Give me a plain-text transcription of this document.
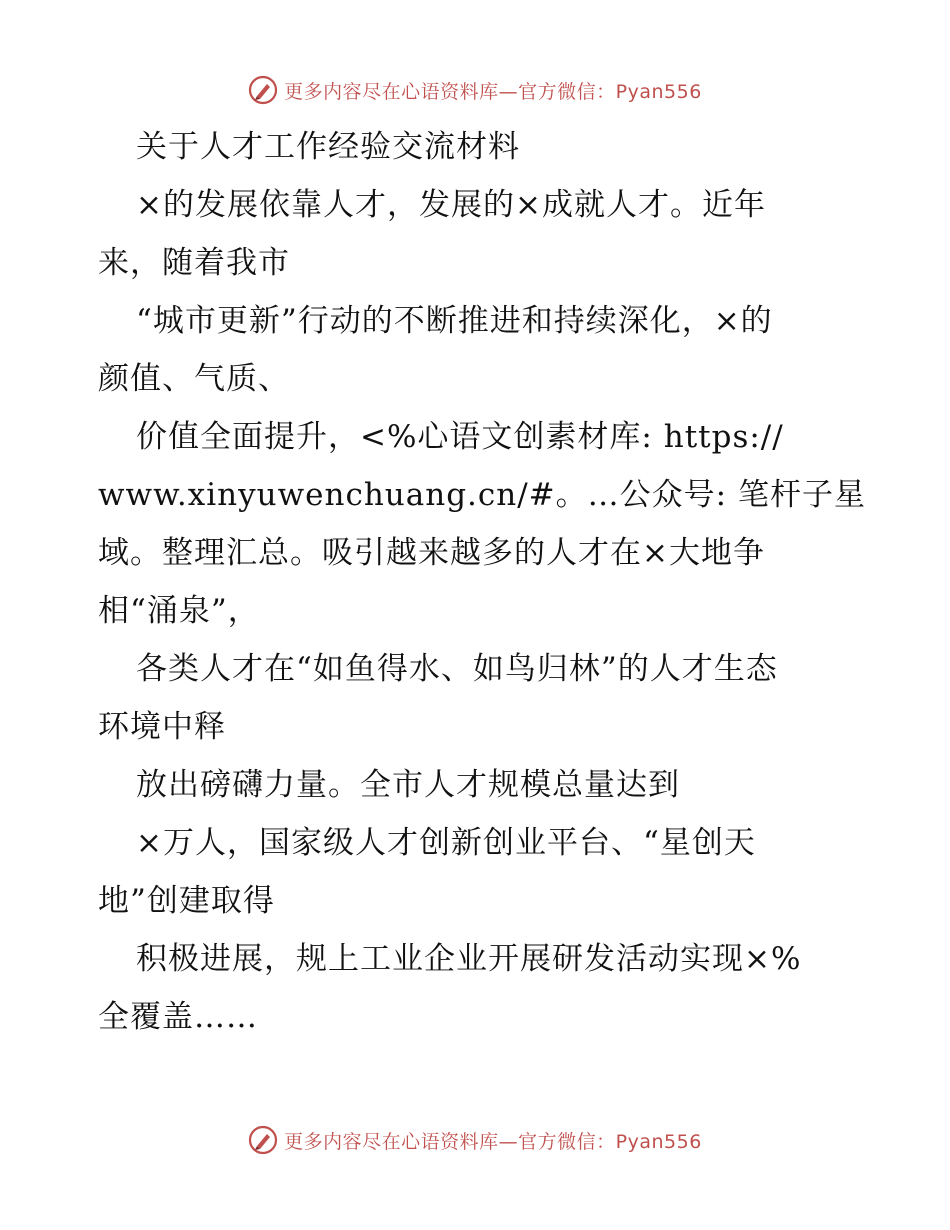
更多内容尽在心语资料库—官方微信：Pyan556
关于人才工作经验交流材料
×的发展依靠人才，发展的×成就人才。近年
来，随着我市
“城市更新”行动的不断推进和持续深化，×的
颜值、气质、
价值全面提升，<%心语文创素材库: https://
www.xinyuwenchuang.cn/#。…公众号: 笔杆子星
域。整理汇总。吸引越来越多的人才在×大地争
相“涌泉”，
各类人才在“如鱼得水、如鸟归林”的人才生态
环境中释
放出磅礴力量。全市人才规模总量达到
×万人，国家级人才创新创业平台、“星创天
地”创建取得
积极进展，规上工业企业开展研发活动实现×%
全覆盖……
更多内容尽在心语资料库—官方微信：Pyan556
